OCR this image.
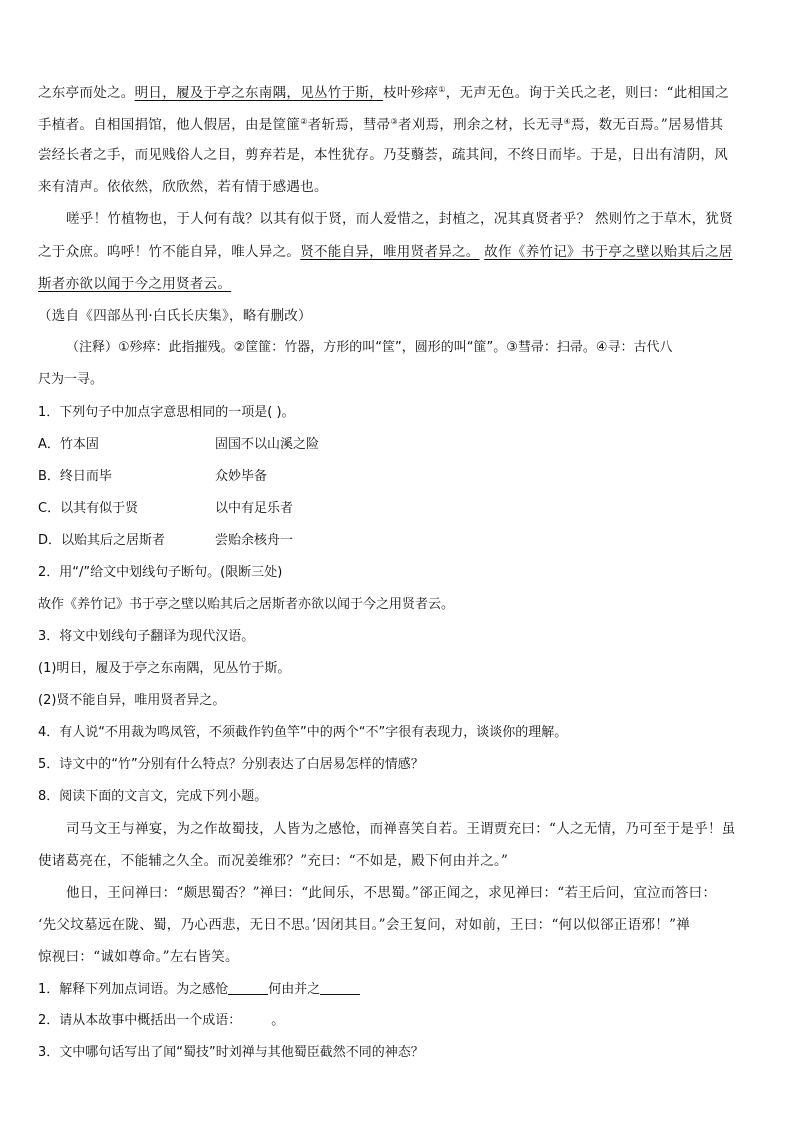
之东亭而处之。明日，履及于亭之东南隅，见丛竹于斯，枝叶殄瘁①，无声无色。询于关氏之老，则曰：“此相国之
手植者。自相国捐馆，他人假居，由是筐篚②者斩焉，彗帚③者刈焉，刑余之材，长无寻④焉，数无百焉。”居易惜其
尝经长者之手，而见贱俗人之目，剪弃若是，本性犹存。乃芟蘙荟，疏其间，不终日而毕。于是，日出有清阴，风
来有清声。依依然，欣欣然，若有情于感遇也。
嗟乎！竹植物也，于人何有哉？以其有似于贤，而人爱惜之，封植之，况其真贤者乎？ 然则竹之于草木，犹贤
之于众庶。呜呼！竹不能自异，唯人异之。贤不能自异，唯用贤者异之。 故作《养竹记》书于亭之壁以贻其后之居
斯者亦欲以闻于今之用贤者云。
（选自《四部丛刊·白氏长庆集》，略有删改）
（注释）①殄瘁：此指摧残。②筐篚：竹器，方形的叫“筐”，圆形的叫“篚”。③彗帚：扫帚。④寻：古代八
尺为一寻。
1．下列句子中加点字意思相同的一项是( )。
A．竹本固	固国不以山溪之险
B．终日而毕	众妙毕备
C．以其有似于贤	以中有足乐者
D．以贻其后之居斯者	尝贻余核舟一
2．用“/”给文中划线句子断句。(限断三处)
故作《养竹记》书于亭之壁以贻其后之居斯者亦欲以闻于今之用贤者云。
3．将文中划线句子翻译为现代汉语。
(1)明日，履及于亭之东南隅，见丛竹于斯。
(2)贤不能自异，唯用贤者异之。
4．有人说“不用裁为鸣凤管，不须截作钓鱼竿”中的两个“不”字很有表现力，谈谈你的理解。
5．诗文中的“竹”分别有什么特点？分别表达了白居易怎样的情感？
8．阅读下面的文言文，完成下列小题。
司马文王与禅宴，为之作故蜀技，人皆为之感怆，而禅喜笑自若。王谓贾充曰：“人之无情，乃可至于是乎！虽
使诸葛亮在，不能辅之久全。而况姜维邪？”充曰：“不如是，殿下何由并之。”
他日，王问禅曰：“颇思蜀否？”禅曰：“此间乐，不思蜀。”郤正闻之，求见禅曰：“若王后问，宜泣而答曰：
‘先父坟墓远在陇、蜀，乃心西悲，无日不思。’因闭其目。”会王复问，对如前，王曰：“何以似郤正语邪！”禅
惊视曰：“诚如尊命。”左右皆笑。
1．解释下列加点词语。为之感怆	何由并之
2．请从本故事中概括出一个成语： 。
3．文中哪句话写出了闻“蜀技”时刘禅与其他蜀臣截然不同的神态？
